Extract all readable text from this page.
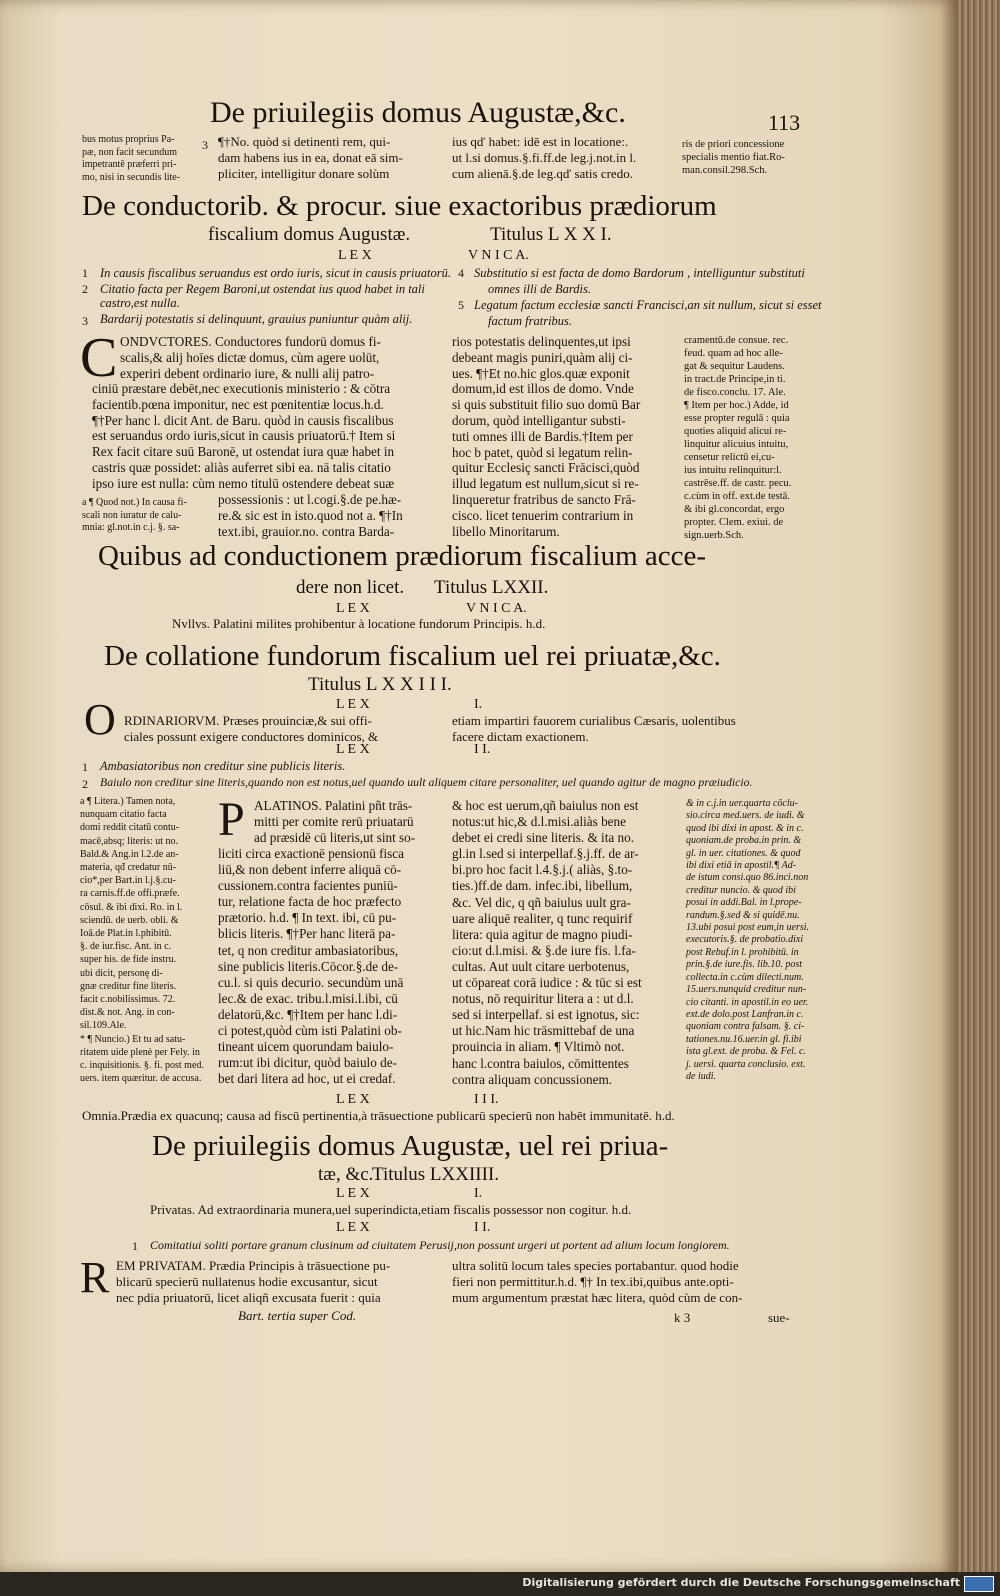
Digitalisierung gefördert durch die Deutsche Forschungsgemeinschaft
De priuilegiis domus Augustæ,&c.	113

bus motus proprius Pa-

pæ, non facit secundum

impetrantē præferri pri-

mo, nisi in secundis lite-

3 ¶†No. quòd si detinenti rem, qui-

dam habens ius in ea, donat eā sim-

pliciter, intelligitur donare solùm

ius qď habet: idē est in locatione:.

ut l.si domus.§.fi.ff.de leg.j.not.in l.

cum alienā.§.de leg.qď satis credo.

ris de priori concessione

specialis mentio fiat.Ro-

man.consil.298.Sch.

De conductorib. & procur. siue exactoribus prædiorum
fiscalium domus Augustæ.	Titulus L X X I.
L E X	V N I C A.
1 In causis fiscalibus seruandus est ordo iuris, sicut in causis priuatorū.
2 Citatio facta per Regem Baroni,ut ostendat ius quod habet in tali
castro,est nulla.
3 Bardarij potestatis si delinquunt, grauius puniuntur quàm alij.
4 Substitutio si est facta de domo Bardorum , intelliguntur substituti
omnes illi de Bardis.
5 Legatum factum ecclesiæ sancti Francisci,an sit nullum, sicut si esset
factum fratribus.
C ONDVCTORES. Conductores fundorū domus fi-

scalis,& alij hoīes dictæ domus, cùm agere uolūt,

experiri debent ordinario iure, & nulli alij patro-

ciniū præstare debēt,nec executionis ministerio : & cōtra

facientib.pœna imponitur, nec est pœnitentiæ locus.h.d.

¶†Per hanc l. dicit Ant. de Baru. quòd in causis fiscalibus

est seruandus ordo iuris,sicut in causis priuatorū.† Item si

Rex facit citare suū Baronē, ut ostendat iura quæ habet in

castris quæ possidet: aliàs auferret sibi ea. nā talis citatio

ipso iure est nulla: cùm nemo titulū ostendere debeat suæ

possessionis : ut l.cogi.§.de pe.hæ-

re.& sic est in isto.quod not a. ¶†In

text.ibi, grauior.no. contra Barda-

a ¶ Quod not.) In causa fi-

scali non iuratur de calu-

mnia: gl.not.in c.j. §. sa-

rios potestatis delinquentes,ut ipsi

debeant magis puniri,quàm alij ci-

ues. ¶†Et no.hic glos.quæ exponit

domum,id est illos de domo. Vnde

si quis substituit filio suo domū Bar

dorum, quòd intelligantur substi-

tuti omnes illi de Bardis.†Item per

hoc b patet, quòd si legatum relin-

quitur Ecclesiç sancti Frācisci,quòd

illud legatum est nullum,sicut si re-

linqueretur fratribus de sancto Frā-

cisco. licet tenuerim contrarium in

libello Minoritarum.

cramentū.de consue. rec.

feud. quam ad hoc alle-

gat & sequitur Laudens.

in tract.de Principe,in ti.

de fisco.conclu. 17. Ale.

¶ Item per hoc.) Adde, id

esse propter regulā : quia

quoties aliquid alicui re-

linquitur alicuius intuitu,

censetur relictū ei,cu-

ius intuitu relinquitur:l.

castrēse.ff. de castr. pecu.

c.cùm in off. ext.de testā.

& ibi gl.concordat, ergo

propter. Clem. exiui. de

sign.uerb.Sch.

Quibus ad conductionem prædiorum fiscalium acce-
dere non licet. Titulus LXXII.
L E X	V N I C A.
Nvllvs. Palatini milites prohibentur à locatione fundorum Principis. h.d.
De collatione fundorum fiscalium uel rei priuatæ,&c.
Titulus L X X I I I.
L E X	I.
O RDINARIORVM. Præses prouinciæ,& sui offi-

ciales possunt exigere conductores dominicos, &

etiam impartiri fauorem curialibus Cæsaris, uolentibus

facere dictam exactionem.

L E X	I I.
1 Ambasiatoribus non creditur sine publicis literis.
2 Baiulo non creditur sine literis,quando non est notus,uel quando uult aliquem citare personaliter, uel quando agitur de magno præiudicio.

a ¶ Litera.) Tamen nota,

nunquam citatio facta

domi reddit citatū contu-

macē,absq; literis: ut no.

Bald.& Ang.in l.2.de an-

materia, qđ credatur nū-

cio*,per Bart.in l.j.§.cu-

ra carnis.ff.de offi.præfe.

cōsul. & ibi dixi. Ro. in l.

sciendū. de uerb. obli. &

Ioā.de Plat.in l.phibitū.

§. de iur.fisc. Ant. in c.

super his. de fide instru.

ubi dicit, personę di-

gnæ creditur fine literis.

facit c.nobilissimus. 72.

dist.& not. Ang. in con-

sil.109.Ale.

* ¶ Nuncio.) Et tu ad satu-

ritatem uide plenè per Fely. in

c. inquisitionis. §. fi. post med.

uers. item quæritur. de accusa.

P ALATINOS. Palatini pñt trās-

mitti per comite rerū priuatarū

ad præsidē cū literis,ut sint so-

liciti circa exactionē pensionū fisca

liū,& non debent inferre aliquā cō-

cussionem.contra facientes puniū-

tur, relatione facta de hoc præfecto

prætorio. h.d. ¶ In text. ibi, cū pu-

blicis literis. ¶†Per hanc literā pa-

tet, q non creditur ambasiatoribus,

sine publicis literis.Cōcor.§.de de-

cu.l. si quis decurio. secundùm unā

lec.& de exac. tribu.l.misi.l.ibi, cū

delatorū,&c. ¶†Item per hanc l.di-

ci potest,quòd cùm isti Palatini ob-

tineant uicem quorundam baiulo-

rum:ut ibi dicitur, quòd baiulo de-

bet dari litera ad hoc, ut ei credaf.

& hoc est uerum,qñ baiulus non est

notus:ut hic,& d.l.misi.aliàs bene

debet ei credi sine literis. & ita no.

gl.in l.sed si interpellaf.§.j.ff. de ar-

bi.pro hoc facit l.4.§.j.( aliàs, §.to-

ties.)ff.de dam. infec.ibi, libellum,

&c. Vel dic, q qñ baiulus uult gra-

uare aliquē realiter, q tunc requirif

litera: quia agitur de magno piudi-

cio:ut d.l.misi. & §.de iure fis. l.fa-

cultas. Aut uult citare uerbotenus,

ut cōpareat corā iudice : & tūc si est

notus, nō requiritur litera a : ut d.l.

sed si interpellaf. si est ignotus, sic:

ut hic.Nam hic trāsmittebaf de una

prouincia in aliam. ¶ Vltimò not.

hanc l.contra baiulos, cōmittentes

contra aliquam concussionem.

& in c.j.in uer.quarta cōclu-

sio.circa med.uers. de iudi. &

quod ibi dixi in apost. & in c.

quoniam.de proba.in prin. &

gl. in uer. citationes. & quod

ibi dixi etiā in apostil.¶ Ad-

de istum consi.quo 86.inci.non

creditur nuncio. & quod ibi

posui in addi.Bal. in l.prope-

randum.§.sed & si quidē.nu.

13.ubi posui post eum,in uersi.

executoris.§. de probatio.dixi

post Rebuf.in l. prohibitū. in

prin.§.de iure.fis. lib.10. post

collecta.in c.cùm dilecti.num.

15.uers.nunquid creditur nun-

cio citanti. in apostil.in eo uer.

ext.de dolo.post Lanfran.in c.

quoniam contra falsam. §. ci-

tationes.nu.16.uer.in gl. fi.ibi

ista gl.ext. de proba. & Fel. c.

j. uersi. quarta conclusio. ext.

de iudi.

L E X	I I I.
Omnia.Prædia ex quacunq; causa ad fiscū pertinentia,à trāsuectione publicarū specierū non habēt immunitatē. h.d.
De priuilegiis domus Augustæ, uel rei priua-
tæ, &c.
Titulus LXXIIII.
L E X	I.
Privatas. Ad extraordinaria munera,uel superindicta,etiam fiscalis possessor non cogitur. h.d.
L E X	I I.
1 Comitatiui soliti portare granum clusinum ad ciuitatem Perusij,non possunt urgeri ut portent ad alium locum longiorem.
R EM PRIVATAM. Prædia Principis à trāsuectione pu-

blicarū specierū nullatenus hodie excusantur, sicut

nec pdia priuatorū, licet aliqñ excusata fuerit : quia

ultra solitū locum tales species portabantur. quod hodie

fieri non permittitur.h.d. ¶† In tex.ibi,quibus ante.opti-

mum argumentum præstat hæc litera, quòd cùm de con-

Bart. tertia super Cod.	k 3	sue-
